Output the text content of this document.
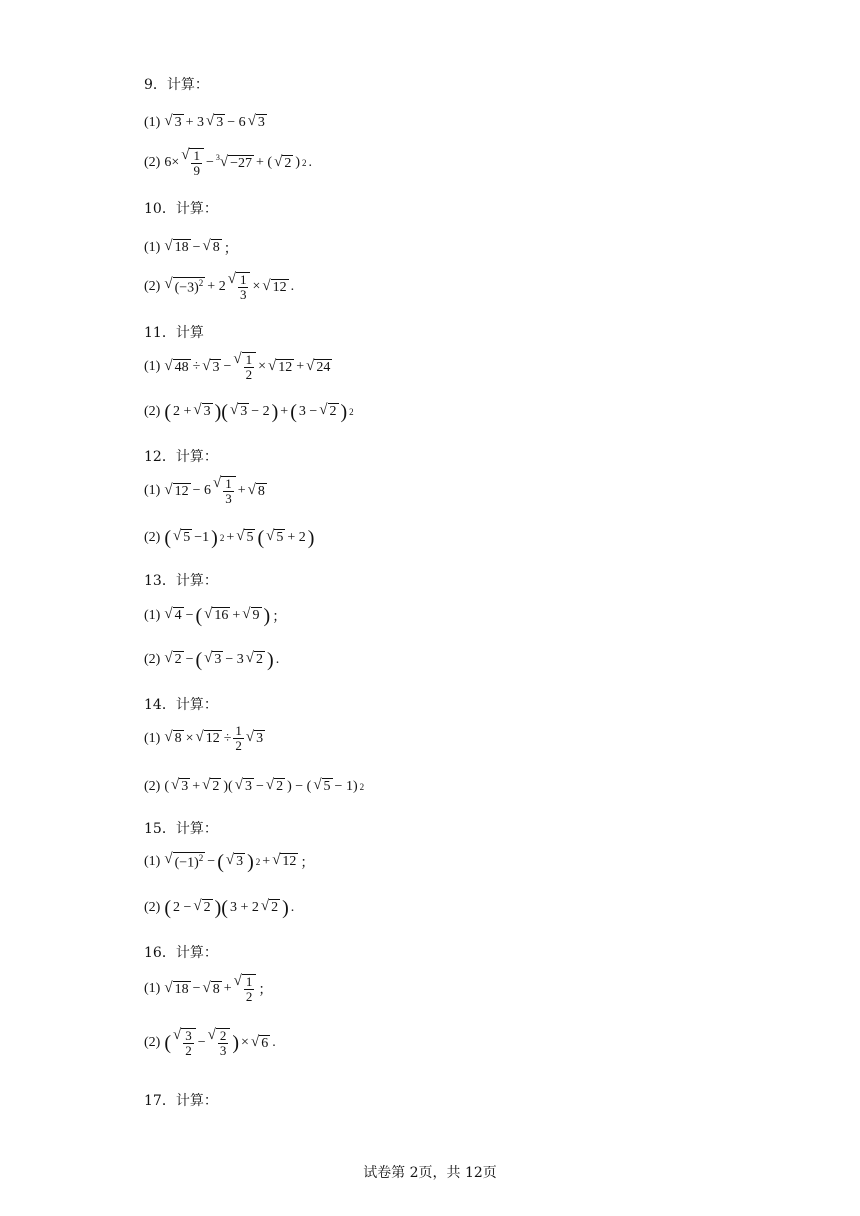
9．计算：
(1) √ 3 + 3 √ 3 − 6 √ 3
(2) 6× √ $\frac{1}{9} - 3$ √ −27 + ( √ 2 ) 2 .
10．计算：
(1) √ 18 − √ 8 ；
(2) √ $(-3)^2 + 2$ √ $\frac{1}{3}$ × √ 12 .
11．计算
(1) √ 48 ÷ √ 3 − √ $\frac{1}{2}$ × √ 12 + √ 24
(2) ( 2 + √ 3 )( √ 3 − 2 ) + ( 3 − √ 2 ) 2
12．计算：
(1) √ 12 − 6 √ $\frac{1}{3}$ + √ 8
(2) ( √ 5 −1 ) 2 + √ 5 ( √ 5 + 2 )
13．计算：
(1) √ 4 − ( √ 16 + √ 9 ) ；
(2) √ 2 − ( √ 3 − 3 √ 2 ) .
14．计算：
(1) √ 8 × √ $12 \div \frac{1}{2}$ √ 3
(2) ( √ 3 + √ 2 )( √ 3 − √ 2 ) − ( √ 5 − 1) 2
15．计算：
(1) √ $(-1)^2$ − ( √ 3 ) 2 + √ 12 ；
(2) ( 2 − √ 2 )( 3 + 2 √ 2 ) .
16．计算：
(1) √ 18 − √ 8 + √ $\frac{1}{2}$ ；
(2) ( √ $\frac{3}{2}$ − √ $\frac{2}{3}$ ) × √ 6 .
17．计算：
试卷第 2页，共 12页
